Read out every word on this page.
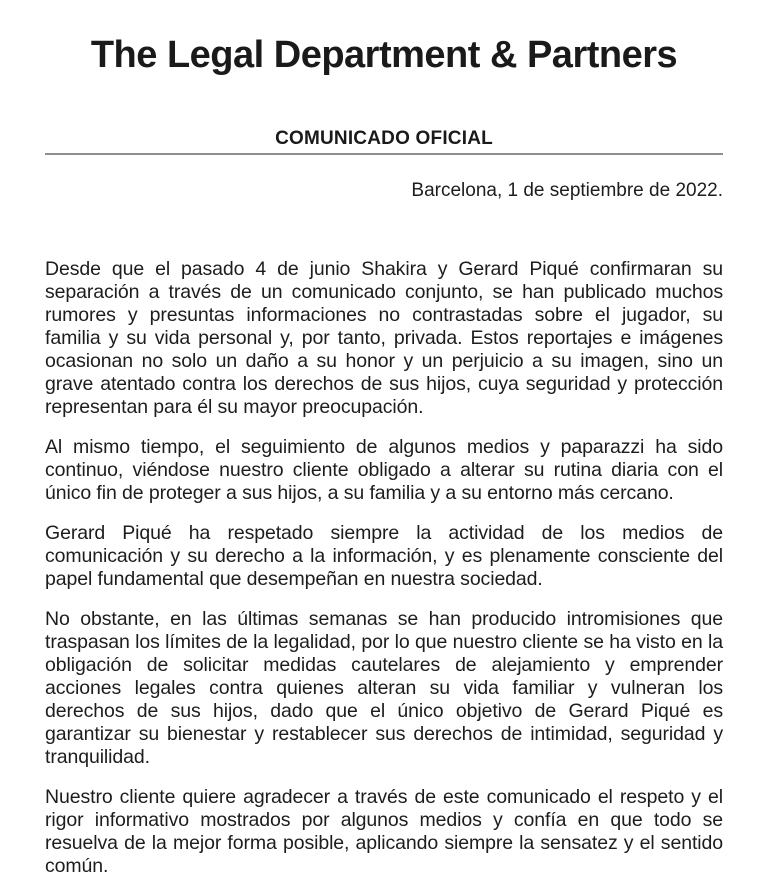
The Legal Department & Partners
COMUNICADO OFICIAL

Barcelona, 1 de septiembre de 2022.

Desde que el pasado 4 de junio Shakira y Gerard Piqué confirmaran su separación a través de un comunicado conjunto, se han publicado muchos rumores y presuntas informaciones no contrastadas sobre el jugador, su familia y su vida personal y, por tanto, privada. Estos reportajes e imágenes ocasionan no solo un daño a su honor y un perjuicio a su imagen, sino un grave atentado contra los derechos de sus hijos, cuya seguridad y protección representan para él su mayor preocupación.

Al mismo tiempo, el seguimiento de algunos medios y paparazzi ha sido continuo, viéndose nuestro cliente obligado a alterar su rutina diaria con el único fin de proteger a sus hijos, a su familia y a su entorno más cercano.

Gerard Piqué ha respetado siempre la actividad de los medios de comunicación y su derecho a la información, y es plenamente consciente del papel fundamental que desempeñan en nuestra sociedad.

No obstante, en las últimas semanas se han producido intromisiones que traspasan los límites de la legalidad, por lo que nuestro cliente se ha visto en la obligación de solicitar medidas cautelares de alejamiento y emprender acciones legales contra quienes alteran su vida familiar y vulneran los derechos de sus hijos, dado que el único objetivo de Gerard Piqué es garantizar su bienestar y restablecer sus derechos de intimidad, seguridad y tranquilidad.

Nuestro cliente quiere agradecer a través de este comunicado el respeto y el rigor informativo mostrados por algunos medios y confía en que todo se resuelva de la mejor forma posible, aplicando siempre la sensatez y el sentido común.
